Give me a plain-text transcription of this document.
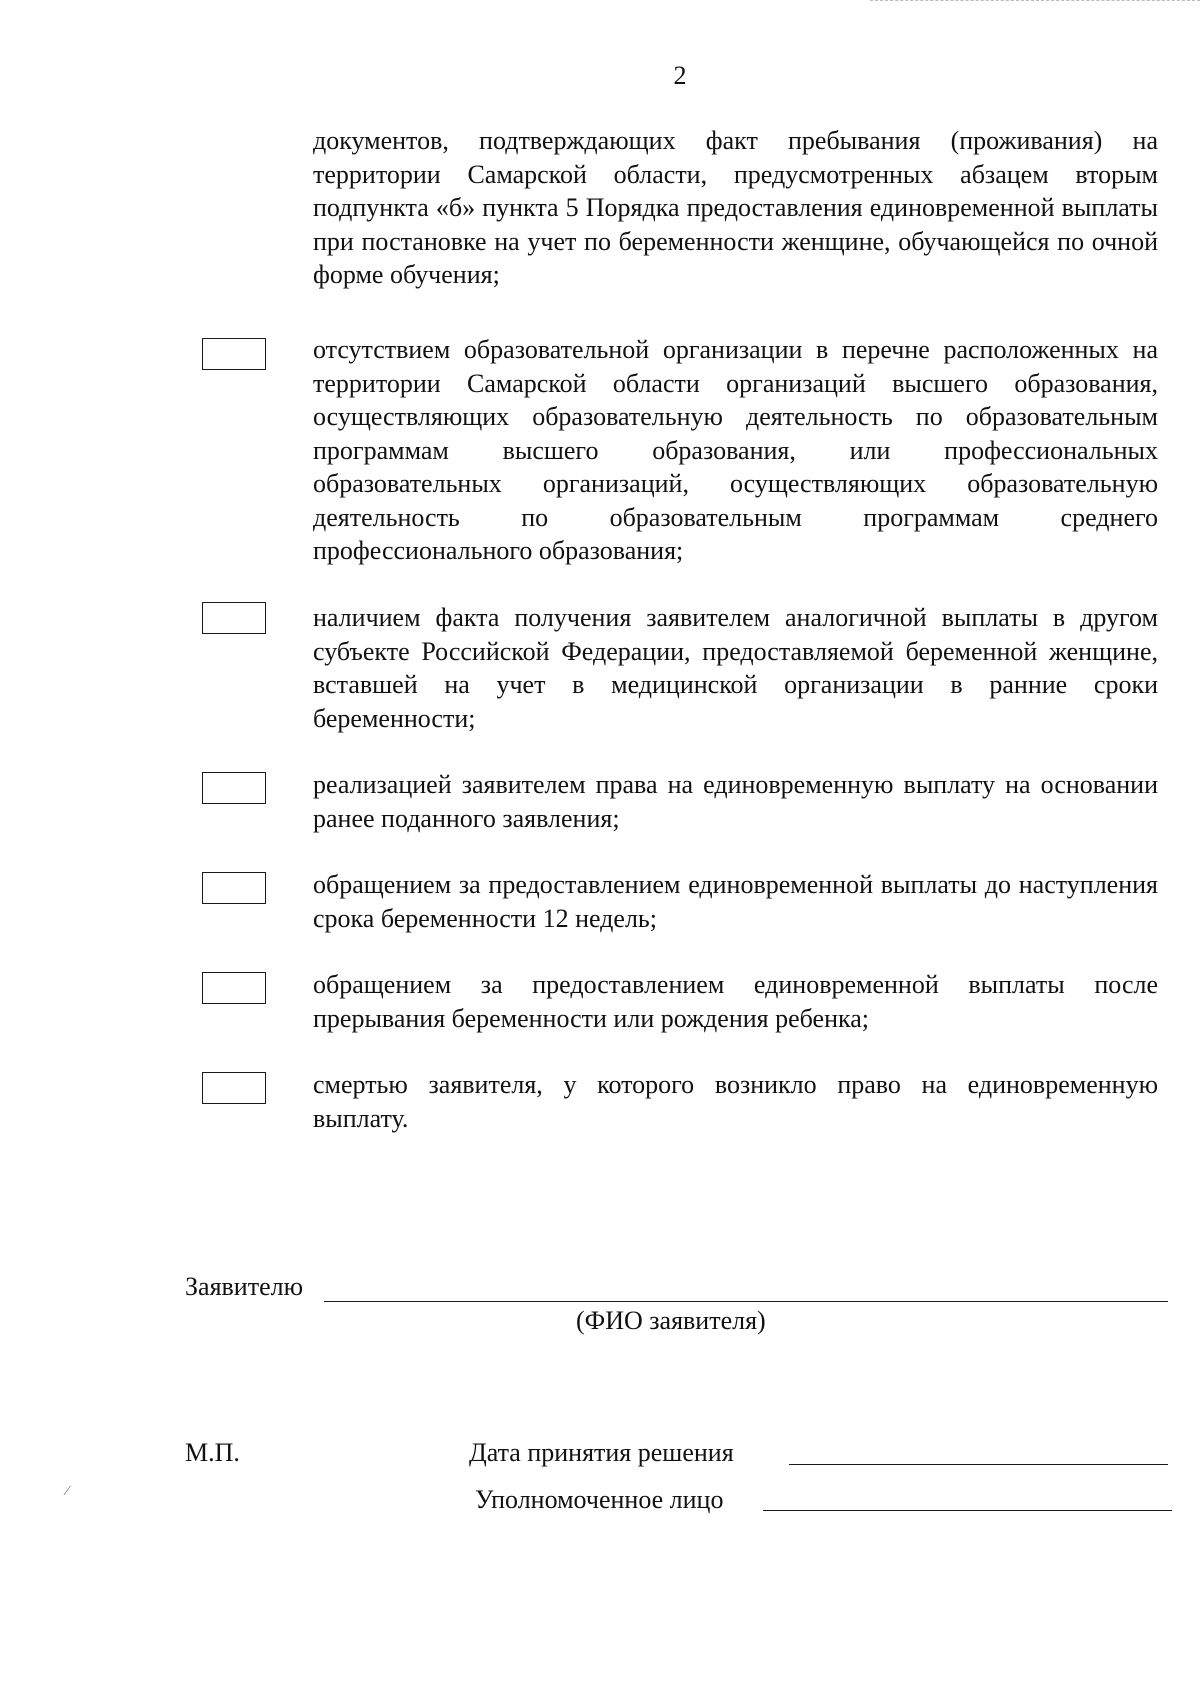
2

документов, подтверждающих факт пребывания (проживания) на территории Самарской области, предусмотренных абзацем вторым подпункта «б» пункта 5 Порядка предоставления единовременной выплаты при постановке на учет по беременности женщине, обучающейся по очной форме обучения;

отсутствием образовательной организации в перечне расположенных на территории Самарской области организаций высшего образования, осуществляющих образовательную деятельность по образовательным программам высшего образования, или профессиональных образовательных организаций, осуществляющих образовательную деятельность по образовательным программам среднего профессионального образования;

наличием факта получения заявителем аналогичной выплаты в другом субъекте Российской Федерации, предоставляемой беременной женщине, вставшей на учет в медицинской организации в ранние сроки беременности;

реализацией заявителем права на единовременную выплату на основании ранее поданного заявления;

обращением за предоставлением единовременной выплаты до наступления срока беременности 12 недель;

обращением за предоставлением единовременной выплаты после прерывания беременности или рождения ребенка;

смертью заявителя, у которого возникло право на единовременную выплату.

Заявителю
(ФИО заявителя)
М.П.	Дата принятия решения
Уполномоченное лицо
⁄
